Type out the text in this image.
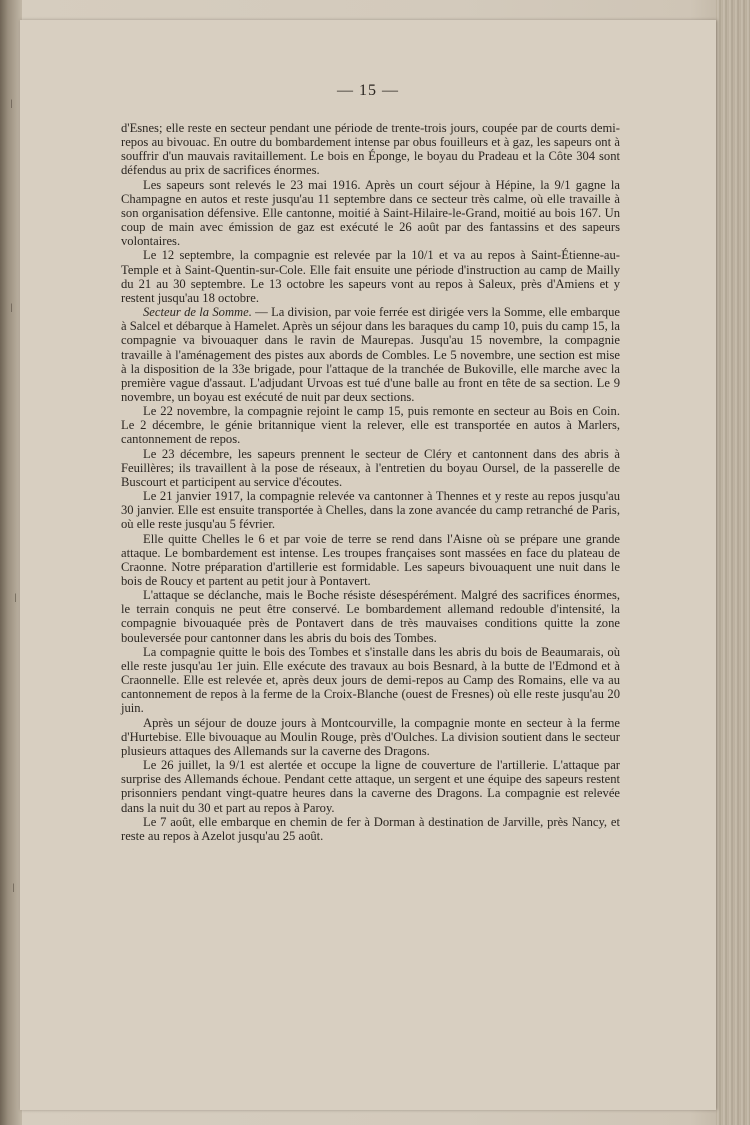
— 15 —

d'Esnes; elle reste en secteur pendant une période de trente-trois jours, coupée par de courts demi-repos au bivouac. En outre du bombardement intense par obus fouilleurs et à gaz, les sapeurs ont à souffrir d'un mauvais ravitaillement. Le bois en Éponge, le boyau du Pradeau et la Côte 304 sont défendus au prix de sacrifices énormes.

Les sapeurs sont relevés le 23 mai 1916. Après un court séjour à Hépine, la 9/1 gagne la Champagne en autos et reste jusqu'au 11 septembre dans ce secteur très calme, où elle travaille à son organisation défensive. Elle cantonne, moitié à Saint-Hilaire-le-Grand, moitié au bois 167. Un coup de main avec émission de gaz est exécuté le 26 août par des fantassins et des sapeurs volontaires.

Le 12 septembre, la compagnie est relevée par la 10/1 et va au repos à Saint-Étienne-au-Temple et à Saint-Quentin-sur-Cole. Elle fait ensuite une période d'instruction au camp de Mailly du 21 au 30 septembre. Le 13 octobre les sapeurs vont au repos à Saleux, près d'Amiens et y restent jusqu'au 18 octobre.

Secteur de la Somme. — La division, par voie ferrée est dirigée vers la Somme, elle embarque à Salcel et débarque à Hamelet. Après un séjour dans les baraques du camp 10, puis du camp 15, la compagnie va bivouaquer dans le ravin de Maurepas. Jusqu'au 15 novembre, la compagnie travaille à l'aménagement des pistes aux abords de Combles. Le 5 novembre, une section est mise à la disposition de la 33e brigade, pour l'attaque de la tranchée de Bukoville, elle marche avec la première vague d'assaut. L'adjudant Urvoas est tué d'une balle au front en tête de sa section. Le 9 novembre, un boyau est exécuté de nuit par deux sections.

Le 22 novembre, la compagnie rejoint le camp 15, puis remonte en secteur au Bois en Coin. Le 2 décembre, le génie britannique vient la relever, elle est transportée en autos à Marlers, cantonnement de repos.

Le 23 décembre, les sapeurs prennent le secteur de Cléry et cantonnent dans des abris à Feuillères; ils travaillent à la pose de réseaux, à l'entretien du boyau Oursel, de la passerelle de Buscourt et participent au service d'écoutes.

Le 21 janvier 1917, la compagnie relevée va cantonner à Thennes et y reste au repos jusqu'au 30 janvier. Elle est ensuite transportée à Chelles, dans la zone avancée du camp retranché de Paris, où elle reste jusqu'au 5 février.

Elle quitte Chelles le 6 et par voie de terre se rend dans l'Aisne où se prépare une grande attaque. Le bombardement est intense. Les troupes françaises sont massées en face du plateau de Craonne. Notre préparation d'artillerie est formidable. Les sapeurs bivouaquent une nuit dans le bois de Roucy et partent au petit jour à Pontavert.

L'attaque se déclanche, mais le Boche résiste désespérément. Malgré des sacrifices énormes, le terrain conquis ne peut être conservé. Le bombardement allemand redouble d'intensité, la compagnie bivouaquée près de Pontavert dans de très mauvaises conditions quitte la zone bouleversée pour cantonner dans les abris du bois des Tombes.

La compagnie quitte le bois des Tombes et s'installe dans les abris du bois de Beaumarais, où elle reste jusqu'au 1er juin. Elle exécute des travaux au bois Besnard, à la butte de l'Edmond et à Craonnelle. Elle est relevée et, après deux jours de demi-repos au Camp des Romains, elle va au cantonnement de repos à la ferme de la Croix-Blanche (ouest de Fresnes) où elle reste jusqu'au 20 juin.

Après un séjour de douze jours à Montcourville, la compagnie monte en secteur à la ferme d'Hurtebise. Elle bivouaque au Moulin Rouge, près d'Oulches. La division soutient dans le secteur plusieurs attaques des Allemands sur la caverne des Dragons.

Le 26 juillet, la 9/1 est alertée et occupe la ligne de couverture de l'artillerie. L'attaque par surprise des Allemands échoue. Pendant cette attaque, un sergent et une équipe des sapeurs restent prisonniers pendant vingt-quatre heures dans la caverne des Dragons. La compagnie est relevée dans la nuit du 30 et part au repos à Paroy.

Le 7 août, elle embarque en chemin de fer à Dorman à destination de Jarville, près Nancy, et reste au repos à Azelot jusqu'au 25 août.

ǀ
ǀ
ǀ
ǀ
